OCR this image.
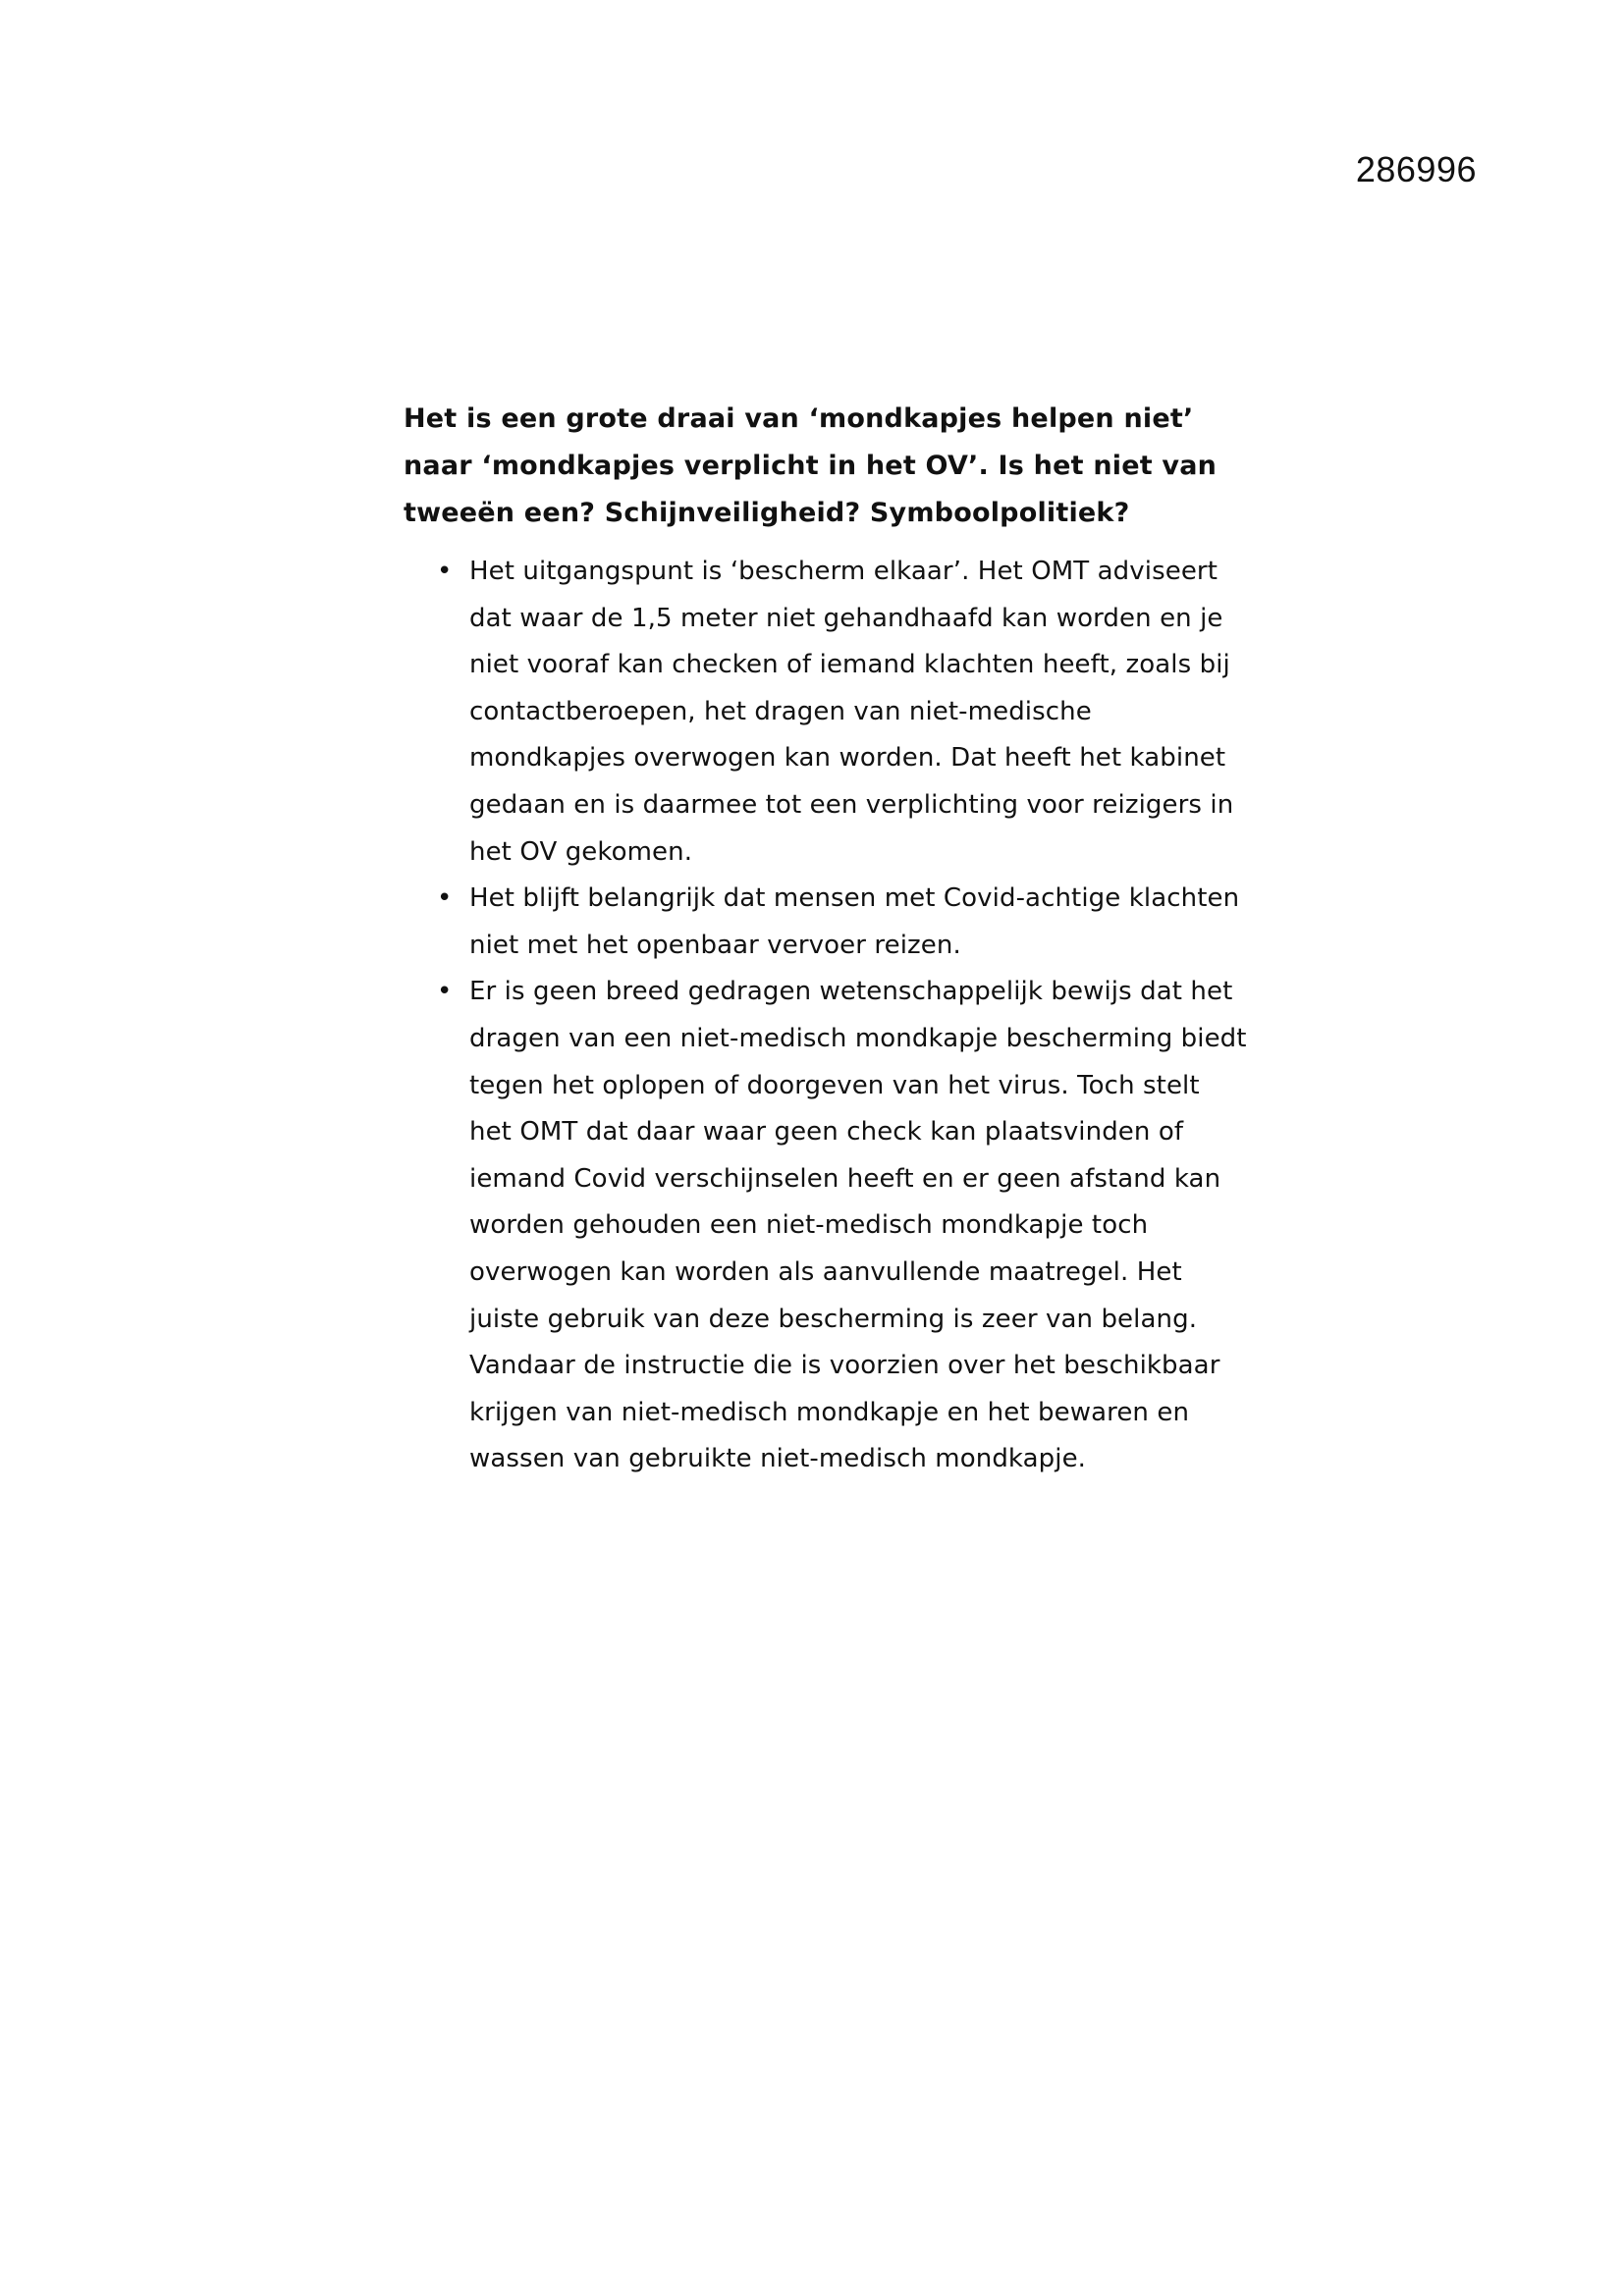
286996

Het is een grote draai van ‘mondkapjes helpen niet’ naar ‘mondkapjes verplicht in het OV’. Is het niet van tweeën een? Schijnveiligheid? Symboolpolitiek?

• Het uitgangspunt is ‘bescherm elkaar’. Het OMT adviseert dat waar de 1,5 meter niet gehandhaafd kan worden en je niet vooraf kan checken of iemand klachten heeft, zoals bij contactberoepen, het dragen van niet-medische mondkapjes overwogen kan worden. Dat heeft het kabinet gedaan en is daarmee tot een verplichting voor reizigers in het OV gekomen.
• Het blijft belangrijk dat mensen met Covid-achtige klachten niet met het openbaar vervoer reizen.
• Er is geen breed gedragen wetenschappelijk bewijs dat het dragen van een niet-medisch mondkapje bescherming biedt tegen het oplopen of doorgeven van het virus. Toch stelt het OMT dat daar waar geen check kan plaatsvinden of iemand Covid verschijnselen heeft en er geen afstand kan worden gehouden een niet-medisch mondkapje toch overwogen kan worden als aanvullende maatregel. Het juiste gebruik van deze bescherming is zeer van belang. Vandaar de instructie die is voorzien over het beschikbaar krijgen van niet-medisch mondkapje en het bewaren en wassen van gebruikte niet-medisch mondkapje.
